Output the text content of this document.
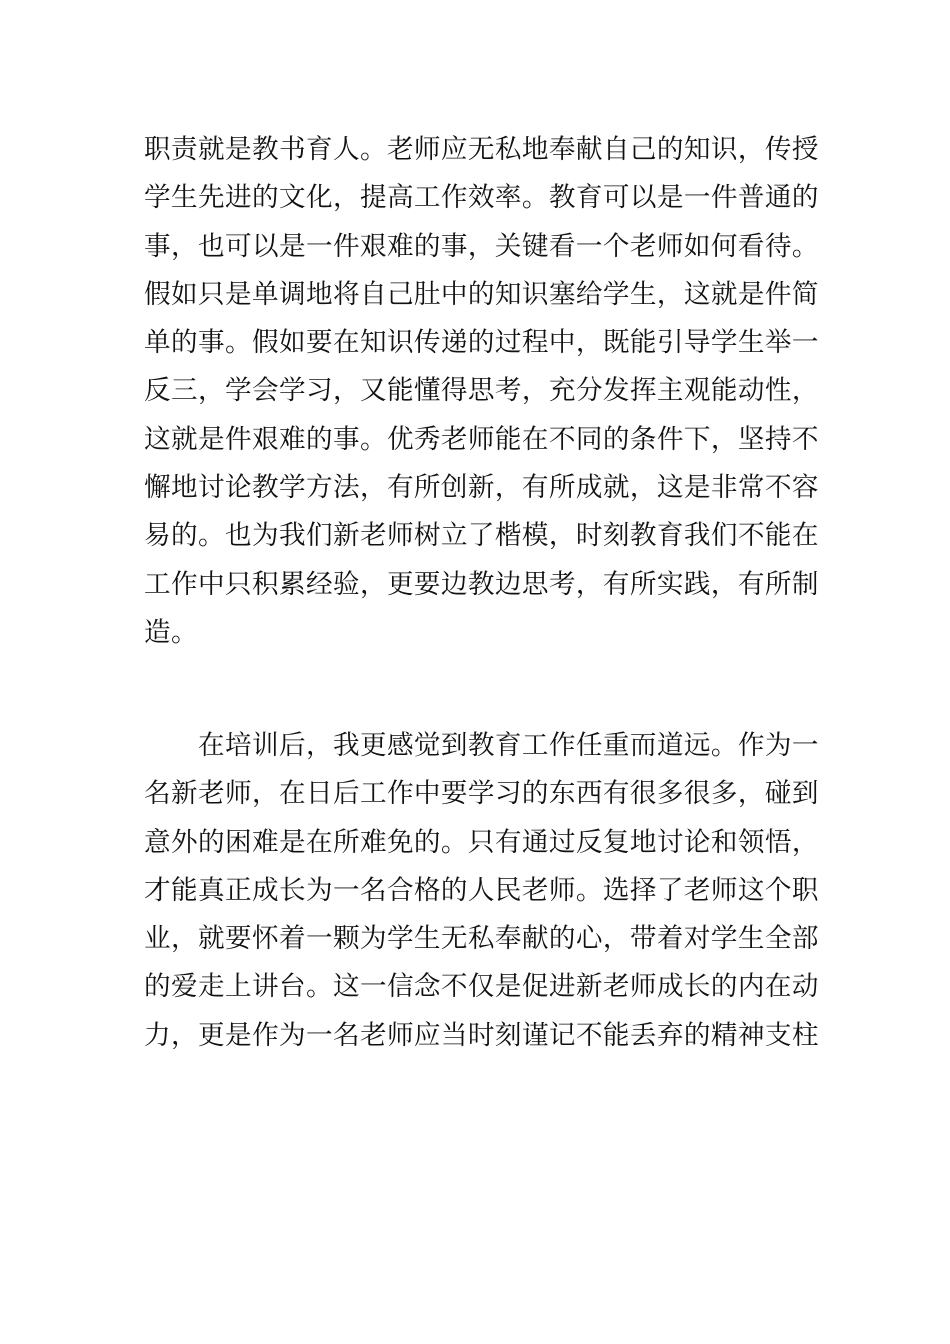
职责就是教书育人。老师应无私地奉献自己的知识，传授
学生先进的文化，提高工作效率。教育可以是一件普通的
事，也可以是一件艰难的事，关键看一个老师如何看待。
假如只是单调地将自己肚中的知识塞给学生，这就是件简
单的事。假如要在知识传递的过程中，既能引导学生举一
反三，学会学习，又能懂得思考，充分发挥主观能动性，
这就是件艰难的事。优秀老师能在不同的条件下，坚持不
懈地讨论教学方法，有所创新，有所成就，这是非常不容
易的。也为我们新老师树立了楷模，时刻教育我们不能在
工作中只积累经验，更要边教边思考，有所实践，有所制
造。
　　在培训后，我更感觉到教育工作任重而道远。作为一
名新老师，在日后工作中要学习的东西有很多很多，碰到
意外的困难是在所难免的。只有通过反复地讨论和领悟，
才能真正成长为一名合格的人民老师。选择了老师这个职
业，就要怀着一颗为学生无私奉献的心，带着对学生全部
的爱走上讲台。这一信念不仅是促进新老师成长的内在动
力，更是作为一名老师应当时刻谨记不能丢弃的精神支柱
